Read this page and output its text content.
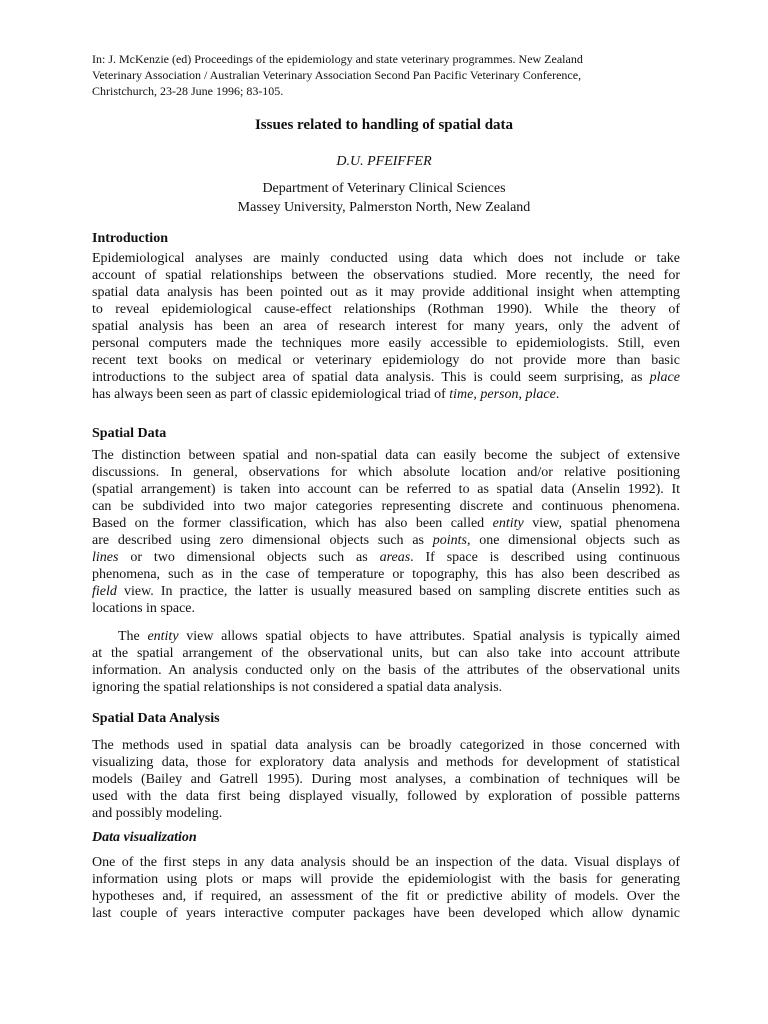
In: J. McKenzie (ed) Proceedings of the epidemiology and state veterinary programmes. New Zealand
Veterinary Association / Australian Veterinary Association Second Pan Pacific Veterinary Conference,
Christchurch, 23-28 June 1996; 83-105.
Issues related to handling of spatial data
D.U. PFEIFFER
Department of Veterinary Clinical Sciences
Massey University, Palmerston North, New Zealand
Introduction
Epidemiological analyses are mainly conducted using data which does not include or take
account of spatial relationships between the observations studied. More recently, the need for
spatial data analysis has been pointed out as it may provide additional insight when attempting
to reveal epidemiological cause-effect relationships (Rothman 1990). While the theory of
spatial analysis has been an area of research interest for many years, only the advent of
personal computers made the techniques more easily accessible to epidemiologists. Still, even
recent text books on medical or veterinary epidemiology do not provide more than basic
introductions to the subject area of spatial data analysis. This is could seem surprising, as place
has always been seen as part of classic epidemiological triad of time, person, place.
Spatial Data
The distinction between spatial and non-spatial data can easily become the subject of extensive
discussions. In general, observations for which absolute location and/or relative positioning
(spatial arrangement) is taken into account can be referred to as spatial data (Anselin 1992). It
can be subdivided into two major categories representing discrete and continuous phenomena.
Based on the former classification, which has also been called entity view, spatial phenomena
are described using zero dimensional objects such as points, one dimensional objects such as
lines or two dimensional objects such as areas. If space is described using continuous
phenomena, such as in the case of temperature or topography, this has also been described as
field view. In practice, the latter is usually measured based on sampling discrete entities such as
locations in space.
The entity view allows spatial objects to have attributes. Spatial analysis is typically aimed
at the spatial arrangement of the observational units, but can also take into account attribute
information. An analysis conducted only on the basis of the attributes of the observational units
ignoring the spatial relationships is not considered a spatial data analysis.
Spatial Data Analysis
The methods used in spatial data analysis can be broadly categorized in those concerned with
visualizing data, those for exploratory data analysis and methods for development of statistical
models (Bailey and Gatrell 1995). During most analyses, a combination of techniques will be
used with the data first being displayed visually, followed by exploration of possible patterns
and possibly modeling.
Data visualization
One of the first steps in any data analysis should be an inspection of the data. Visual displays of
information using plots or maps will provide the epidemiologist with the basis for generating
hypotheses and, if required, an assessment of the fit or predictive ability of models. Over the
last couple of years interactive computer packages have been developed which allow dynamic
